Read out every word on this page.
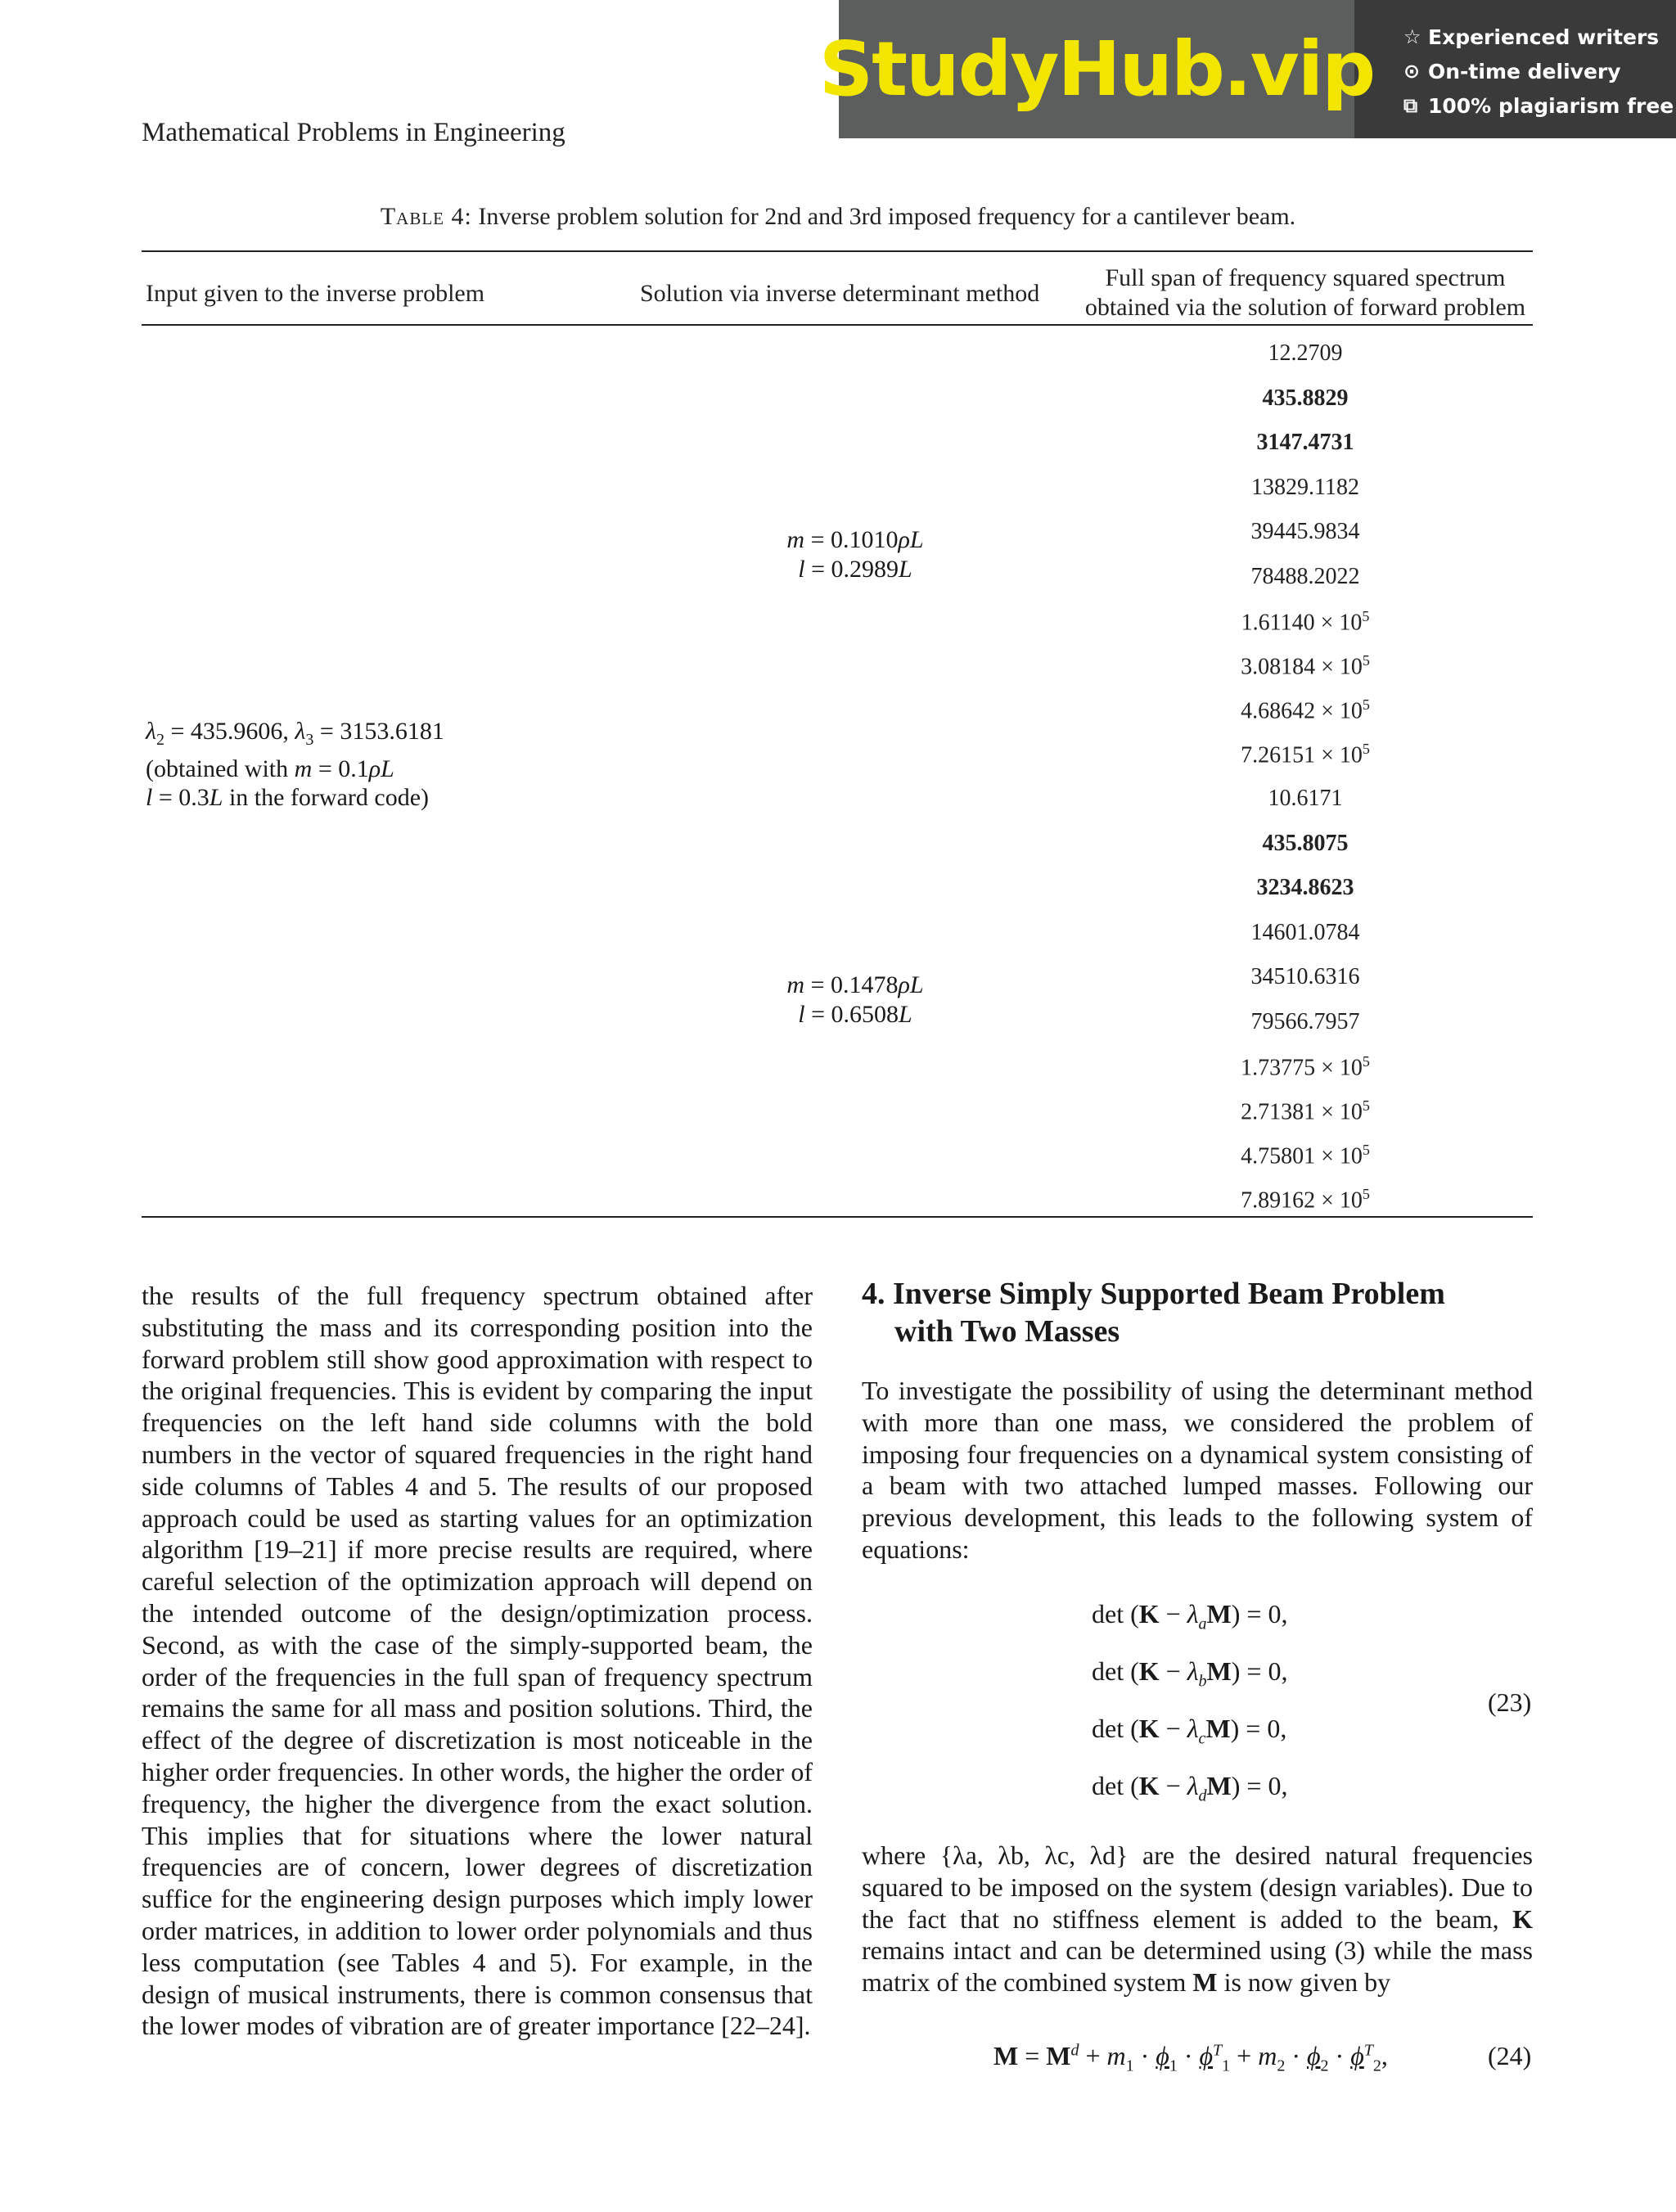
StudyHub.vip ☆ Experienced writers
⊙ On-time delivery
⧉ 100% plagiarism free
Mathematical Problems in Engineering
Table 4: Inverse problem solution for 2nd and 3rd imposed frequency for a cantilever beam.
Input given to the inverse problem	Solution via inverse determinant method
Full span of frequency squared spectrum
obtained via the solution of forward problem
$\lambda_2 = 435.9606$, $\lambda_3 = 3153.6181$
(obtained with m = 0.1ρL
l = 0.3L in the forward code)
m = 0.1010ρL
l = 0.2989L
m = 0.1478ρL
l = 0.6508L
12.2709
435.8829
3147.4731
13829.1182
39445.9834
78488.2022
$1.61140 \times 10^5$
$3.08184 \times 10^5$
$4.68642 \times 10^5$
$7.26151 \times 10^5$
10.6171
435.8075
3234.8623
14601.0784
34510.6316
79566.7957
$1.73775 \times 10^5$
$2.71381 \times 10^5$
$4.75801 \times 10^5$
$7.89162 \times 10^5$
the results of the full frequency spectrum obtained after substituting the mass and its corresponding position into the forward problem still show good approximation with respect to the original frequencies. This is evident by comparing the input frequencies on the left hand side columns with the bold numbers in the vector of squared frequencies in the right hand side columns of Tables 4 and 5. The results of our proposed approach could be used as starting values for an optimization algorithm [19–21] if more precise results are required, where careful selection of the optimization approach will depend on the intended outcome of the design/optimization process. Second, as with the case of the simply-supported beam, the order of the frequencies in the full span of frequency spectrum remains the same for all mass and position solutions. Third, the effect of the degree of discretization is most noticeable in the higher order frequencies. In other words, the higher the order of frequency, the higher the divergence from the exact solution. This implies that for situations where the lower natural frequencies are of concern, lower degrees of discretization suffice for the engineering design purposes which imply lower order matrices, in addition to lower order polynomials and thus less computation (see Tables 4 and 5). For example, in the design of musical instruments, there is common consensus that the lower modes of vibration are of greater importance [22–24].
4. Inverse Simply Supported Beam Problem
with Two Masses
To investigate the possibility of using the determinant method with more than one mass, we considered the problem of imposing four frequencies on a dynamical system consisting of a beam with two attached lumped masses. Following our previous development, this leads to the following system of equations:
$\det (K - \lambda_aM) = 0$,
$\det (K - \lambda_bM) = 0$,
$\det (K - \lambda_cM) = 0$,
$\det (K - \lambda_dM) = 0$,
(23)
where {λa, λb, λc, λd} are the desired natural frequencies squared to be imposed on the system (design variables). Due to the fact that no stiffness element is added to the beam, K remains intact and can be determined using (3) while the mass matrix of the combined system M is now given by
$M = M^d + m_1 \cdot \phi_1 \cdot \phi^T_1 + m_2 \cdot \phi_2 \cdot \phi^T_2$,	(24)
